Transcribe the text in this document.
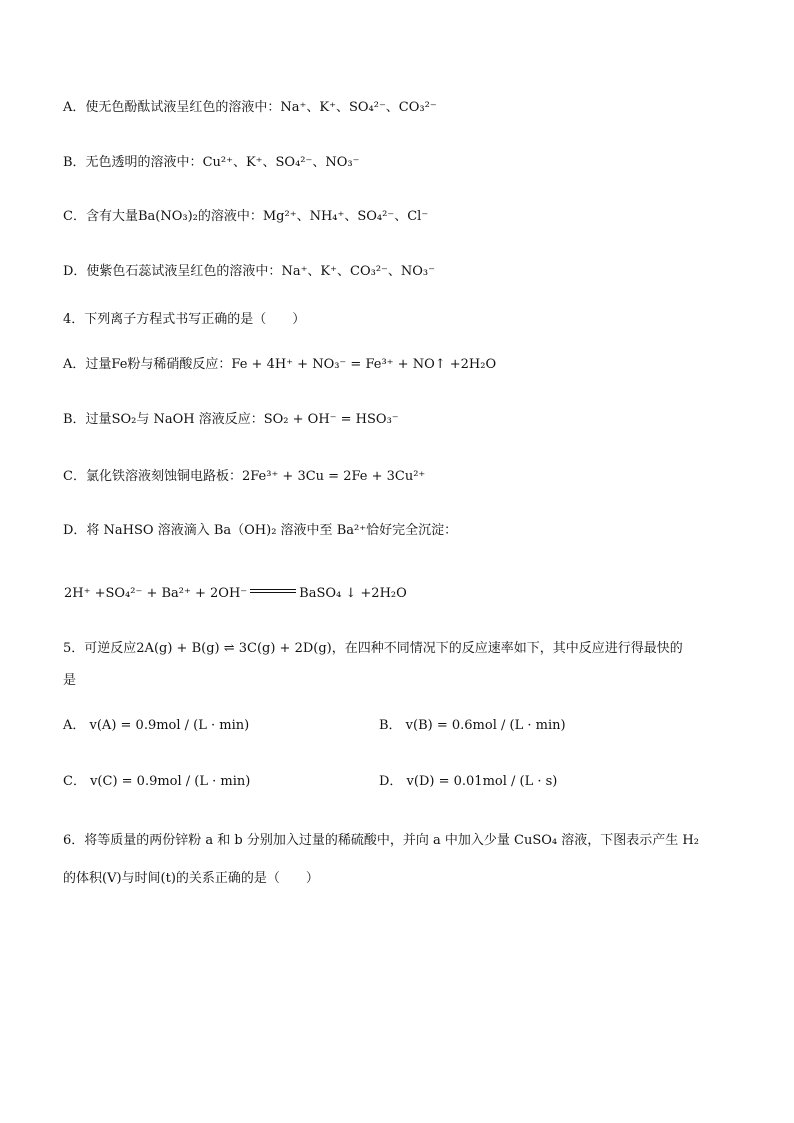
A．使无色酚酞试液呈红色的溶液中：Na⁺、K⁺、SO₄²⁻、CO₃²⁻
B．无色透明的溶液中：Cu²⁺、K⁺、SO₄²⁻、NO₃⁻
C．含有大量Ba(NO₃)₂的溶液中：Mg²⁺、NH₄⁺、SO₄²⁻、Cl⁻
D．使紫色石蕊试液呈红色的溶液中：Na⁺、K⁺、CO₃²⁻、NO₃⁻
4．下列离子方程式书写正确的是（　　）
A．过量Fe粉与稀硝酸反应：Fe + 4H⁺ + NO₃⁻ = Fe³⁺ + NO↑ +2H₂O
B．过量SO₂与 NaOH 溶液反应：SO₂ + OH⁻ = HSO₃⁻
C．氯化铁溶液刻蚀铜电路板：2Fe³⁺ + 3Cu = 2Fe + 3Cu²⁺
D．将 NaHSO 溶液滴入 Ba（OH)₂ 溶液中至 Ba²⁺恰好完全沉淀：
2H⁺ +SO₄²⁻ + Ba²⁺ + 2OH⁻	BaSO₄ ↓ +2H₂O
5．可逆反应2A(g) + B(g) ⇌ 3C(g) + 2D(g)，在四种不同情况下的反应速率如下，其中反应进行得最快的
是
A． v(A) = 0.9mol / (L · min)	B． v(B) = 0.6mol / (L · min)
C． v(C) = 0.9mol / (L · min)	D． v(D) = 0.01mol / (L · s)
6．将等质量的两份锌粉 a 和 b 分别加入过量的稀硫酸中，并向 a 中加入少量 CuSO₄ 溶液，下图表示产生 H₂
的体积(V)与时间(t)的关系正确的是（　　）
